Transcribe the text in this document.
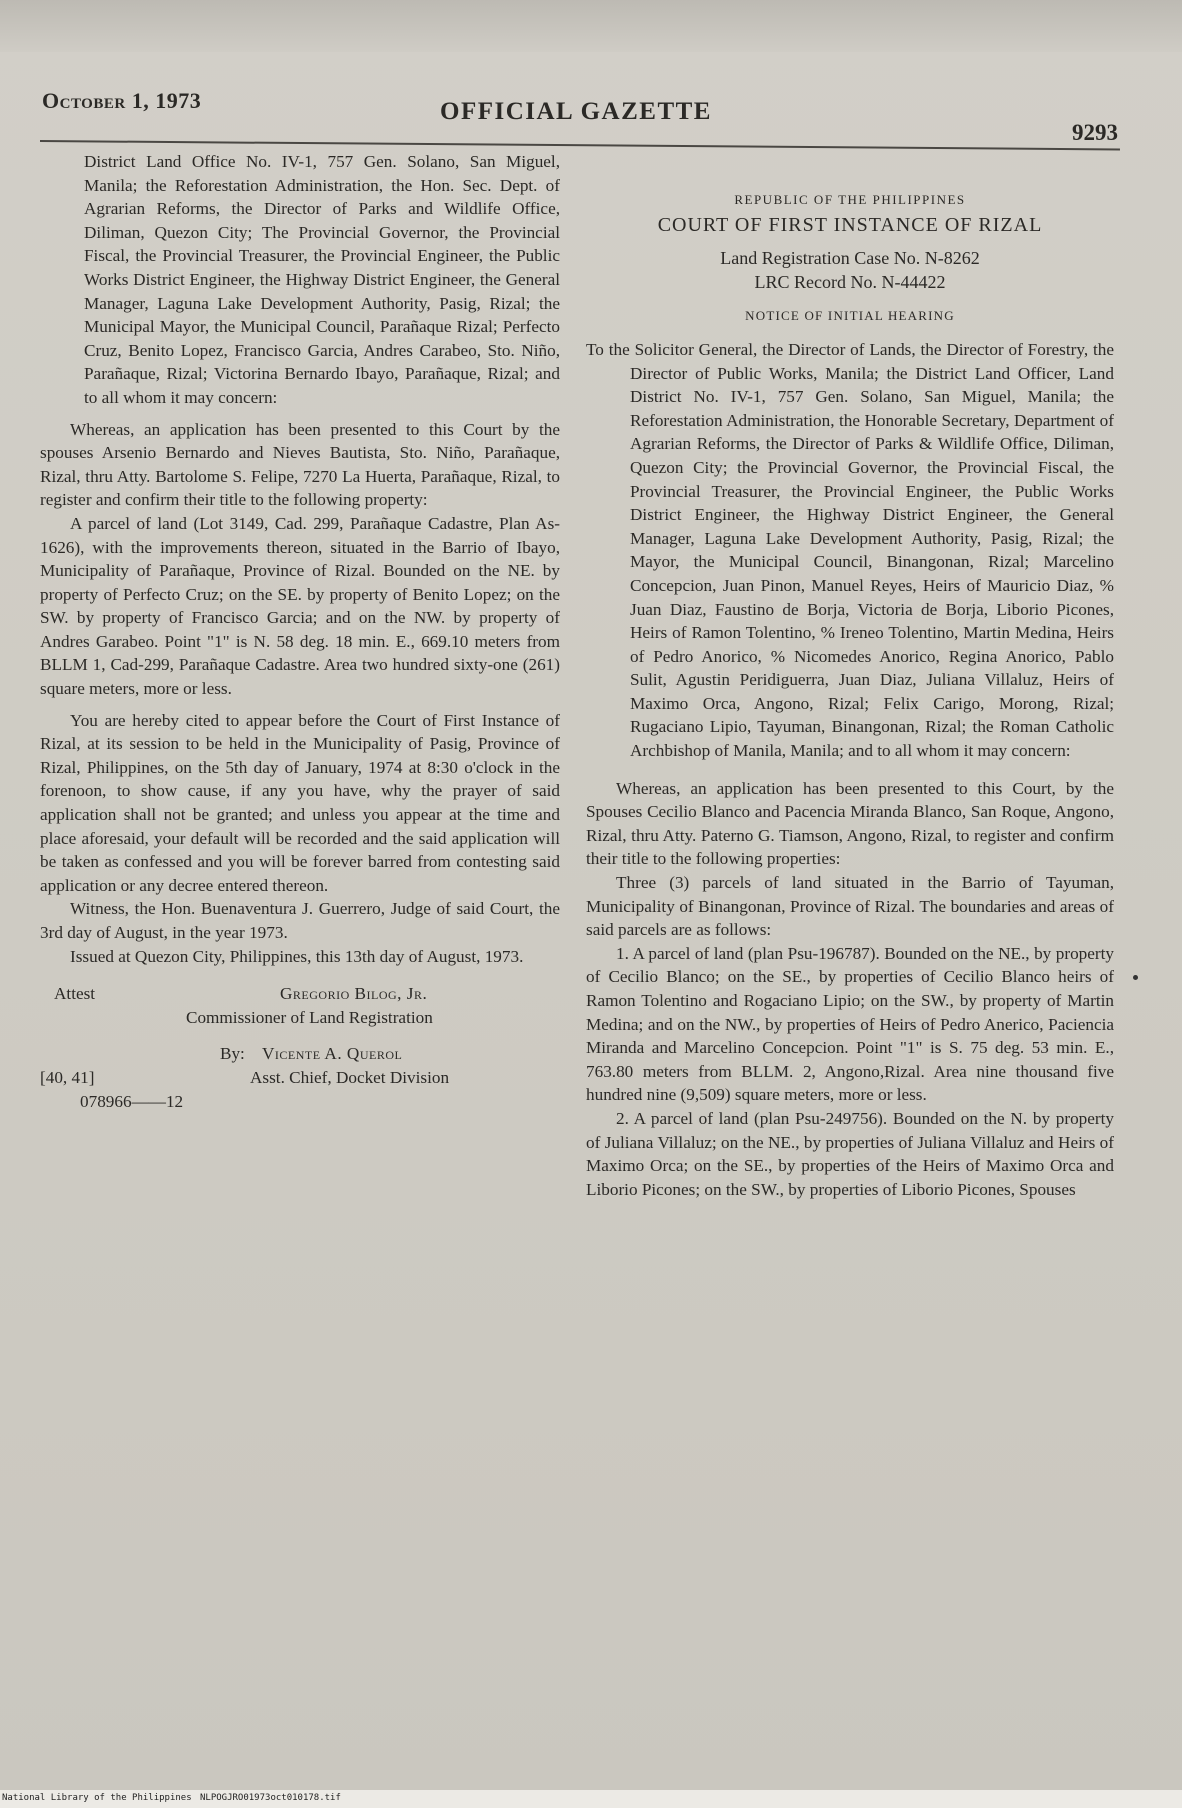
October 1, 1973	OFFICIAL GAZETTE
9293

District Land Office No. IV-1, 757 Gen. Solano, San Miguel, Manila; the Reforestation Administration, the Hon. Sec. Dept. of Agrarian Reforms, the Director of Parks and Wildlife Office, Diliman, Quezon City; The Provincial Governor, the Provincial Fiscal, the Provincial Treasurer, the Provincial Engineer, the Public Works District Engineer, the Highway District Engineer, the General Manager, Laguna Lake Development Authority, Pasig, Rizal; the Municipal Mayor, the Municipal Council, Parañaque Rizal; Perfecto Cruz, Benito Lopez, Francisco Garcia, Andres Carabeo, Sto. Niño, Parañaque, Rizal; Victorina Bernardo Ibayo, Parañaque, Rizal; and to all whom it may concern:

Whereas, an application has been presented to this Court by the spouses Arsenio Bernardo and Nieves Bautista, Sto. Niño, Parañaque, Rizal, thru Atty. Bartolome S. Felipe, 7270 La Huerta, Parañaque, Rizal, to register and confirm their title to the following property:

A parcel of land (Lot 3149, Cad. 299, Parañaque Cadastre, Plan As-1626), with the improvements thereon, situated in the Barrio of Ibayo, Municipality of Parañaque, Province of Rizal. Bounded on the NE. by property of Perfecto Cruz; on the SE. by property of Benito Lopez; on the SW. by property of Francisco Garcia; and on the NW. by property of Andres Garabeo. Point "1" is N. 58 deg. 18 min. E., 669.10 meters from BLLM 1, Cad-299, Parañaque Cadastre. Area two hundred sixty-one (261) square meters, more or less.

You are hereby cited to appear before the Court of First Instance of Rizal, at its session to be held in the Municipality of Pasig, Province of Rizal, Philippines, on the 5th day of January, 1974 at 8:30 o'clock in the forenoon, to show cause, if any you have, why the prayer of said application shall not be granted; and unless you appear at the time and place aforesaid, your default will be recorded and the said application will be taken as confessed and you will be forever barred from contesting said application or any decree entered thereon.

Witness, the Hon. Buenaventura J. Guerrero, Judge of said Court, the 3rd day of August, in the year 1973.

Issued at Quezon City, Philippines, this 13th day of August, 1973.

Attest	Gregorio Bilog, Jr.
Commissioner of Land Registration
By: Vicente A. Querol
[40, 41]	Asst. Chief, Docket Division
078966——12

REPUBLIC OF THE PHILIPPINES

COURT OF FIRST INSTANCE OF RIZAL

Land Registration Case No. N-8262

LRC Record No. N-44422

NOTICE OF INITIAL HEARING

To the Solicitor General, the Director of Lands, the Director of Forestry, the Director of Public Works, Manila; the District Land Officer, Land District No. IV-1, 757 Gen. Solano, San Miguel, Manila; the Reforestation Administration, the Honorable Secretary, Department of Agrarian Reforms, the Director of Parks & Wildlife Office, Diliman, Quezon City; the Provincial Governor, the Provincial Fiscal, the Provincial Treasurer, the Provincial Engineer, the Public Works District Engineer, the Highway District Engineer, the General Manager, Laguna Lake Development Authority, Pasig, Rizal; the Mayor, the Municipal Council, Binangonan, Rizal; Marcelino Concepcion, Juan Pinon, Manuel Reyes, Heirs of Mauricio Diaz, % Juan Diaz, Faustino de Borja, Victoria de Borja, Liborio Picones, Heirs of Ramon Tolentino, % Ireneo Tolentino, Martin Medina, Heirs of Pedro Anorico, % Nicomedes Anorico, Regina Anorico, Pablo Sulit, Agustin Peridiguerra, Juan Diaz, Juliana Villaluz, Heirs of Maximo Orca, Angono, Rizal; Felix Carigo, Morong, Rizal; Rugaciano Lipio, Tayuman, Binangonan, Rizal; the Roman Catholic Archbishop of Manila, Manila; and to all whom it may concern:

Whereas, an application has been presented to this Court, by the Spouses Cecilio Blanco and Pacencia Miranda Blanco, San Roque, Angono, Rizal, thru Atty. Paterno G. Tiamson, Angono, Rizal, to register and confirm their title to the following properties:

Three (3) parcels of land situated in the Barrio of Tayuman, Municipality of Binangonan, Province of Rizal. The boundaries and areas of said parcels are as follows:

1. A parcel of land (plan Psu-196787). Bounded on the NE., by property of Cecilio Blanco; on the SE., by properties of Cecilio Blanco heirs of Ramon Tolentino and Rogaciano Lipio; on the SW., by property of Martin Medina; and on the NW., by properties of Heirs of Pedro Anerico, Paciencia Miranda and Marcelino Concepcion. Point "1" is S. 75 deg. 53 min. E., 763.80 meters from BLLM. 2, Angono,Rizal. Area nine thousand five hundred nine (9,509) square meters, more or less.

2. A parcel of land (plan Psu-249756). Bounded on the N. by property of Juliana Villaluz; on the NE., by properties of Juliana Villaluz and Heirs of Maximo Orca; on the SE., by properties of the Heirs of Maximo Orca and Liborio Picones; on the SW., by properties of Liborio Picones, Spouses

National Library of the Philippines NLPOGJRO01973oct010178.tif
